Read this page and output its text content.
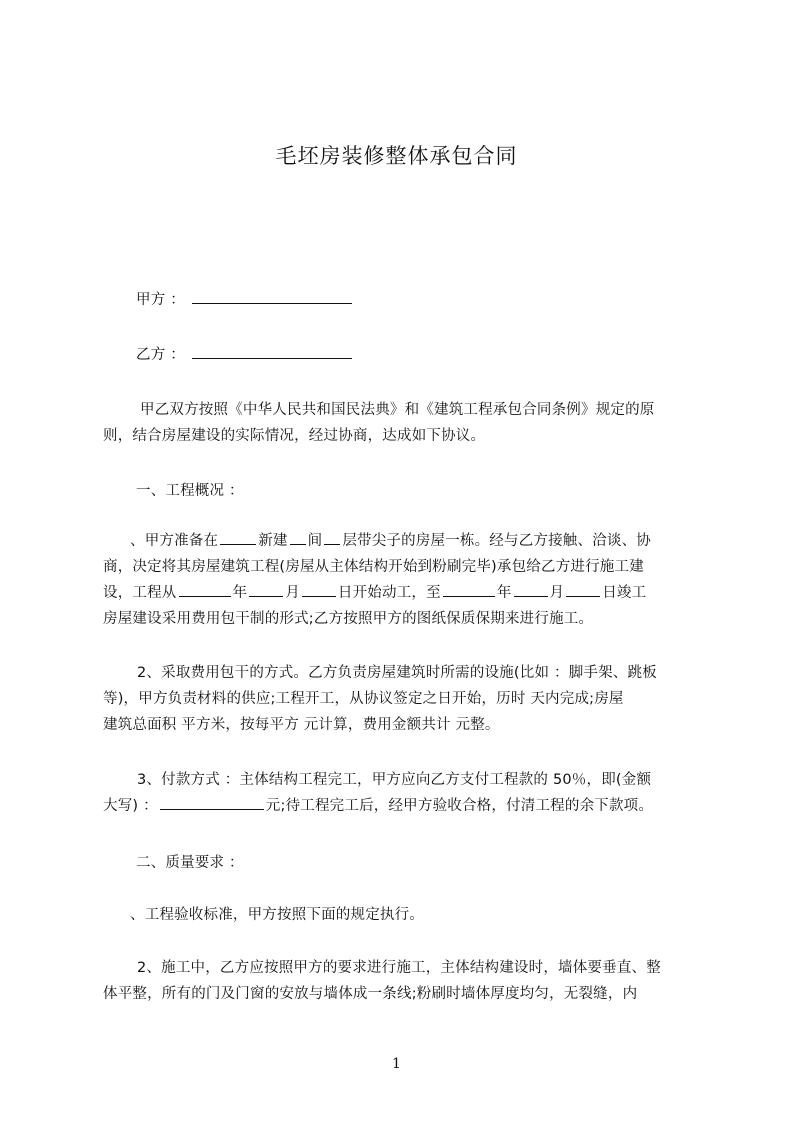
毛坯房装修整体承包合同
甲方 ：
乙方 ：
甲乙双方按照《中华人民共和国民法典》和《建筑工程承包合同条例》规定的原
则，结合房屋建设的实际情况，经过协商，达成如下协议。
一、工程概况 ：
、甲方准备在	新建 间 层带尖子的房屋一栋。经与乙方接触、洽谈、协
商，决定将其房屋建筑工程(房屋从主体结构开始到粉刷完毕)承包给乙方进行施工建
设，工程从	年	月	日开始动工，至	年	月	日竣工
房屋建设采用费用包干制的形式;乙方按照甲方的图纸保质保期来进行施工。
2、采取费用包干的方式。乙方负责房屋建筑时所需的设施(比如 ：脚手架、跳板
等)，甲方负责材料的供应;工程开工，从协议签定之日开始，历时 天内完成;房屋
建筑总面积 平方米，按每平方 元计算，费用金额共计 元整。
3、付款方式 ：主体结构工程完工，甲方应向乙方支付工程款的 50％，即(金额
大写) ：	元;待工程完工后，经甲方验收合格，付清工程的余下款项。
二、质量要求 ：
、工程验收标准，甲方按照下面的规定执行。
2、施工中，乙方应按照甲方的要求进行施工，主体结构建设时，墙体要垂直、整
体平整，所有的门及门窗的安放与墙体成一条线;粉刷时墙体厚度均匀，无裂缝，内
1
